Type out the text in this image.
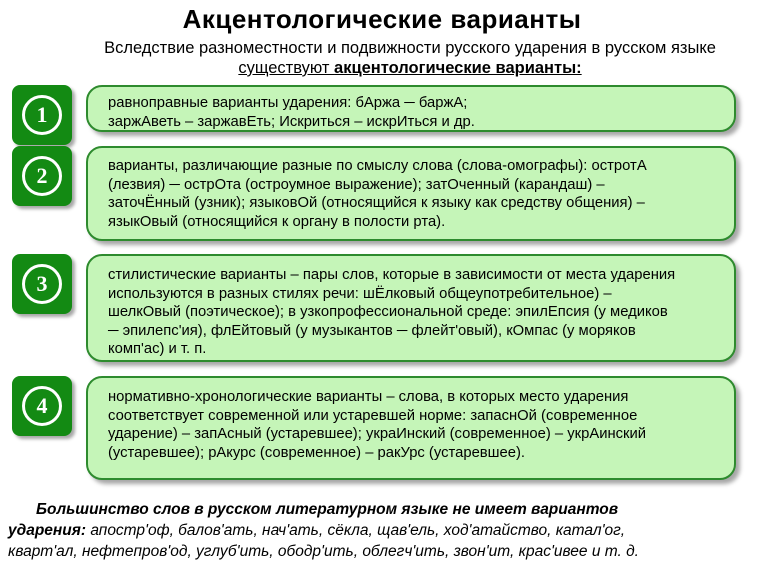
Акцентологические варианты
Вследствие разноместности и подвижности русского ударения в русском языке
существуют акцентологические варианты:
1	равноправные варианты ударения: бАржа ─ баржА;
заржАветь – заржавЕть; Искриться – искрИться и др.
2	варианты, различающие разные по смыслу слова (слова-омографы): остротА
(лезвия) ─ острОта (остроумное выражение); затОченный (карандаш) –
заточЁнный (узник); языковОй (относящийся к языку как средству общения) –
языкОвый (относящийся к органу в полости рта).
3	стилистические варианты – пары слов, которые в зависимости от места ударения
используются в разных стилях речи: шЁлковый общеупотребительное) –
шелкОвый (поэтическое); в узкопрофессиональной среде: эпилЕпсия (у медиков
─ эпилепс'ия), флЕйтовый (у музыкантов ─ флейт'овый), кОмпас (у моряков
комп'ас) и т. п.
4	нормативно-хронологические варианты – слова, в которых место ударения
соответствует современной или устаревшей норме: запаснОй (современное
ударение) – запАсный (устаревшее); украИнский (современное) – укрАинский
(устаревшее); рАкурс (современное) – ракУрс (устаревшее).
Большинство слов в русском литературном языке не имеет вариантов
ударения: апостр'оф, балов'ать, нач'ать, сёкла, щав'ель, ход'атайство, катал'ог,
кварт'ал, нефтепров'од, углуб'ить, ободр'ить, облегч'ить, звон'ит, крас'ивее и т. д.
